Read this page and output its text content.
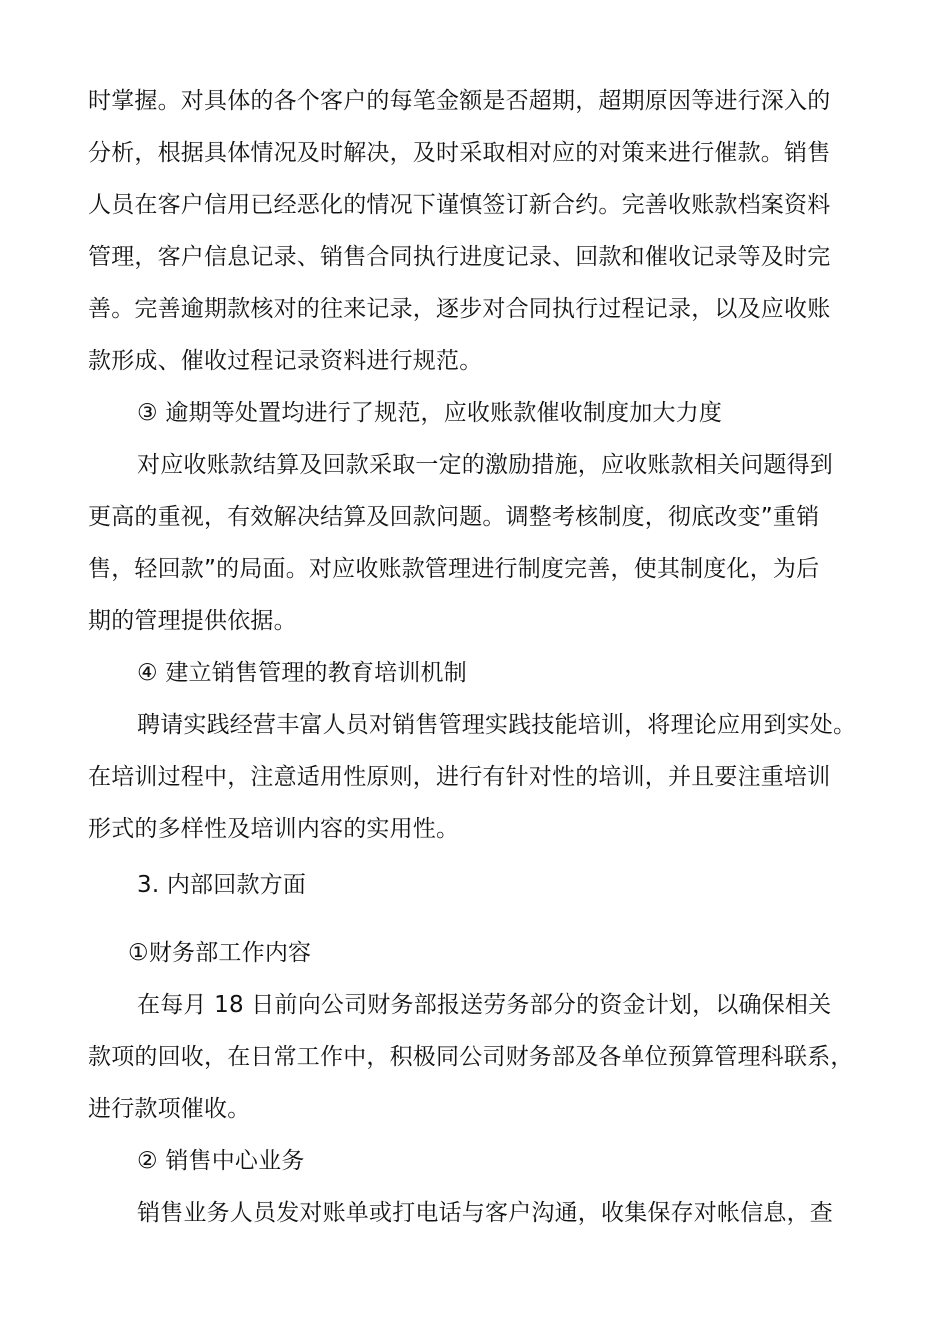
时掌握。对具体的各个客户的每笔金额是否超期，超期原因等进行深入的
分析，根据具体情况及时解决，及时采取相对应的对策来进行催款。销售
人员在客户信用已经恶化的情况下谨慎签订新合约。完善收账款档案资料
管理，客户信息记录、销售合同执行进度记录、回款和催收记录等及时完
善。完善逾期款核对的往来记录，逐步对合同执行过程记录，以及应收账
款形成、催收过程记录资料进行规范。
③ 逾期等处置均进行了规范，应收账款催收制度加大力度
对应收账款结算及回款采取一定的激励措施，应收账款相关问题得到
更高的重视，有效解决结算及回款问题。调整考核制度，彻底改变”重销
售，轻回款”的局面。对应收账款管理进行制度完善，使其制度化，为后
期的管理提供依据。
④ 建立销售管理的教育培训机制
聘请实践经营丰富人员对销售管理实践技能培训，将理论应用到实处。
在培训过程中，注意适用性原则，进行有针对性的培训，并且要注重培训
形式的多样性及培训内容的实用性。
3. 内部回款方面
①财务部工作内容
在每月 18 日前向公司财务部报送劳务部分的资金计划，以确保相关
款项的回收，在日常工作中，积极同公司财务部及各单位预算管理科联系，
进行款项催收。
② 销售中心业务
销售业务人员发对账单或打电话与客户沟通，收集保存对帐信息，查
